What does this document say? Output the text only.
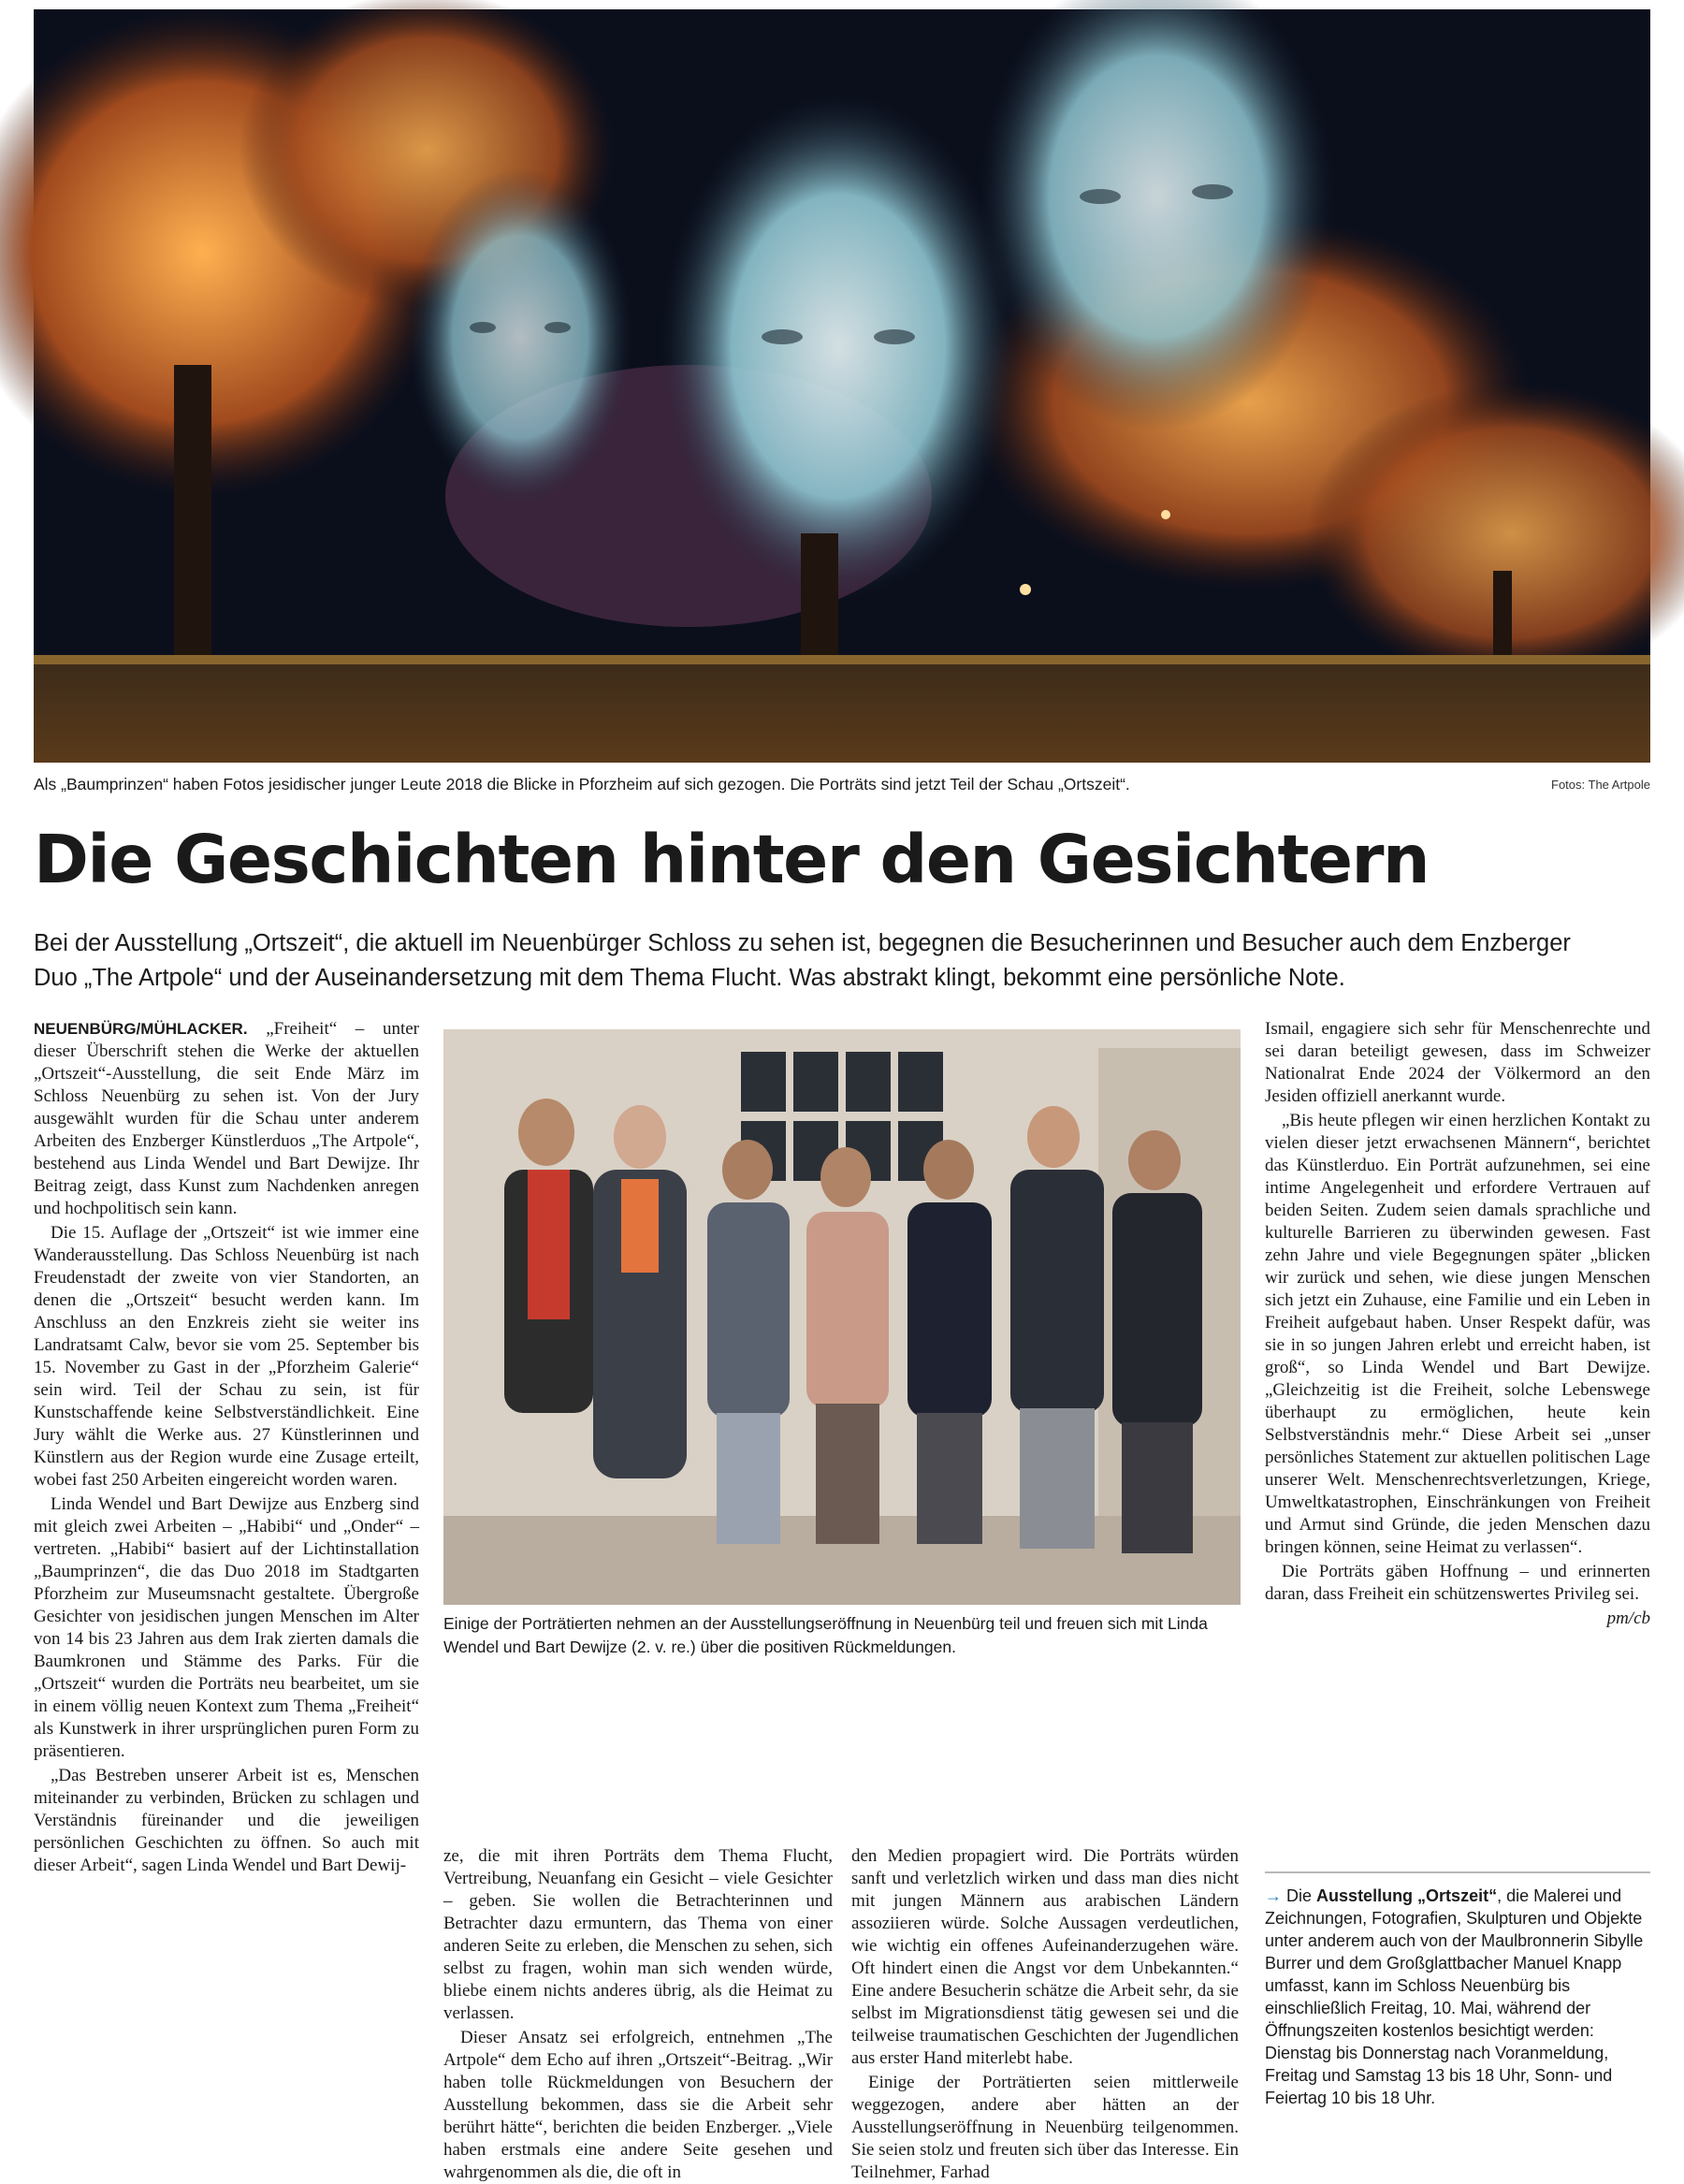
Als „Baumprinzen“ haben Fotos jesidischer junger Leute 2018 die Blicke in Pforzheim auf sich gezogen. Die Porträts sind jetzt Teil der Schau „Ortszeit“.	Fotos: The Artpole
Die Geschichten hinter den Gesichtern

Bei der Ausstellung „Ortszeit“, die aktuell im Neuenbürger Schloss zu sehen ist, begegnen die Besucherinnen und Besucher auch dem Enzberger Duo „The Artpole“ und der Auseinandersetzung mit dem Thema Flucht. Was abstrakt klingt, bekommt eine persönliche Note.

NEUENBÜRG/MÜHLACKER. „Freiheit“ – unter dieser Überschrift stehen die Werke der aktuellen „Ortszeit“-Ausstellung, die seit Ende März im Schloss Neuenbürg zu sehen ist. Von der Jury ausgewählt wurden für die Schau unter anderem Arbeiten des Enzberger Künstlerduos „The Artpole“, bestehend aus Linda Wendel und Bart Dewijze. Ihr Beitrag zeigt, dass Kunst zum Nachdenken anregen und hochpolitisch sein kann.

Die 15. Auflage der „Ortszeit“ ist wie immer eine Wanderausstellung. Das Schloss Neuenbürg ist nach Freudenstadt der zweite von vier Standorten, an denen die „Ortszeit“ besucht werden kann. Im Anschluss an den Enzkreis zieht sie weiter ins Landratsamt Calw, bevor sie vom 25. September bis 15. November zu Gast in der „Pforzheim Galerie“ sein wird. Teil der Schau zu sein, ist für Kunstschaffende keine Selbstverständlichkeit. Eine Jury wählt die Werke aus. 27 Künstlerinnen und Künstlern aus der Region wurde eine Zusage erteilt, wobei fast 250 Arbeiten eingereicht worden waren.

Linda Wendel und Bart Dewijze aus Enzberg sind mit gleich zwei Arbeiten – „Habibi“ und „Onder“ – vertreten. „Habibi“ basiert auf der Lichtinstallation „Baumprinzen“, die das Duo 2018 im Stadtgarten Pforzheim zur Museumsnacht gestaltete. Übergroße Gesichter von jesidischen jungen Menschen im Alter von 14 bis 23 Jahren aus dem Irak zierten damals die Baumkronen und Stämme des Parks. Für die „Ortszeit“ wurden die Porträts neu bearbeitet, um sie in einem völlig neuen Kontext zum Thema „Freiheit“ als Kunstwerk in ihrer ursprünglichen puren Form zu präsentieren.

„Das Bestreben unserer Arbeit ist es, Menschen miteinander zu verbinden, Brücken zu schlagen und Verständnis füreinander und die jeweiligen persönlichen Geschichten zu öffnen. So auch mit dieser Arbeit“, sagen Linda Wendel und Bart Dewij-

Einige der Porträtierten nehmen an der Ausstellungseröffnung in Neuenbürg teil und freuen sich mit Linda Wendel und Bart Dewijze (2. v. re.) über die positiven Rückmeldungen.

ze, die mit ihren Porträts dem Thema Flucht, Vertreibung, Neuanfang ein Gesicht – viele Gesichter – geben. Sie wollen die Betrachterinnen und Betrachter dazu ermuntern, das Thema von einer anderen Seite zu erleben, die Menschen zu sehen, sich selbst zu fragen, wohin man sich wenden würde, bliebe einem nichts anderes übrig, als die Heimat zu verlassen.

Dieser Ansatz sei erfolgreich, entnehmen „The Artpole“ dem Echo auf ihren „Ortszeit“-Beitrag. „Wir haben tolle Rückmeldungen von Besuchern der Ausstellung bekommen, dass sie die Arbeit sehr berührt hätte“, berichten die beiden Enzberger. „Viele haben erstmals eine andere Seite gesehen und wahrgenommen als die, die oft in

den Medien propagiert wird. Die Porträts würden sanft und verletzlich wirken und dass man dies nicht mit jungen Männern aus arabischen Ländern assoziieren würde. Solche Aussagen verdeutlichen, wie wichtig ein offenes Aufeinanderzugehen wäre. Oft hindert einen die Angst vor dem Unbekannten.“ Eine andere Besucherin schätze die Arbeit sehr, da sie selbst im Migrationsdienst tätig gewesen sei und die teilweise traumatischen Geschichten der Jugendlichen aus erster Hand miterlebt habe.

Einige der Porträtierten seien mittlerweile weggezogen, andere aber hätten an der Ausstellungseröffnung in Neuenbürg teilgenommen. Sie seien stolz und freuten sich über das Interesse. Ein Teilnehmer, Farhad

Ismail, engagiere sich sehr für Menschenrechte und sei daran beteiligt gewesen, dass im Schweizer Nationalrat Ende 2024 der Völkermord an den Jesiden offiziell anerkannt wurde.

„Bis heute pflegen wir einen herzlichen Kontakt zu vielen dieser jetzt erwachsenen Männern“, berichtet das Künstlerduo. Ein Porträt aufzunehmen, sei eine intime Angelegenheit und erfordere Vertrauen auf beiden Seiten. Zudem seien damals sprachliche und kulturelle Barrieren zu überwinden gewesen. Fast zehn Jahre und viele Begegnungen später „blicken wir zurück und sehen, wie diese jungen Menschen sich jetzt ein Zuhause, eine Familie und ein Leben in Freiheit aufgebaut haben. Unser Respekt dafür, was sie in so jungen Jahren erlebt und erreicht haben, ist groß“, so Linda Wendel und Bart Dewijze. „Gleichzeitig ist die Freiheit, solche Lebenswege überhaupt zu ermöglichen, heute kein Selbstverständnis mehr.“ Diese Arbeit sei „unser persönliches Statement zur aktuellen politischen Lage unserer Welt. Menschenrechtsverletzungen, Kriege, Umweltkatastrophen, Einschränkungen von Freiheit und Armut sind Gründe, die jeden Menschen dazu bringen können, seine Heimat zu verlassen“.

Die Porträts gäben Hoffnung – und erinnerten daran, dass Freiheit ein schützenswertes Privileg sei.

pm/cb

→ Die Ausstellung „Ortszeit“, die Malerei und Zeichnungen, Fotografien, Skulpturen und Objekte unter anderem auch von der Maulbronnerin Sibylle Burrer und dem Großglattbacher Manuel Knapp umfasst, kann im Schloss Neuenbürg bis einschließlich Freitag, 10. Mai, während der Öffnungszeiten kostenlos besichtigt werden: Dienstag bis Donnerstag nach Voranmeldung, Freitag und Samstag 13 bis 18 Uhr, Sonn- und Feiertag 10 bis 18 Uhr.
